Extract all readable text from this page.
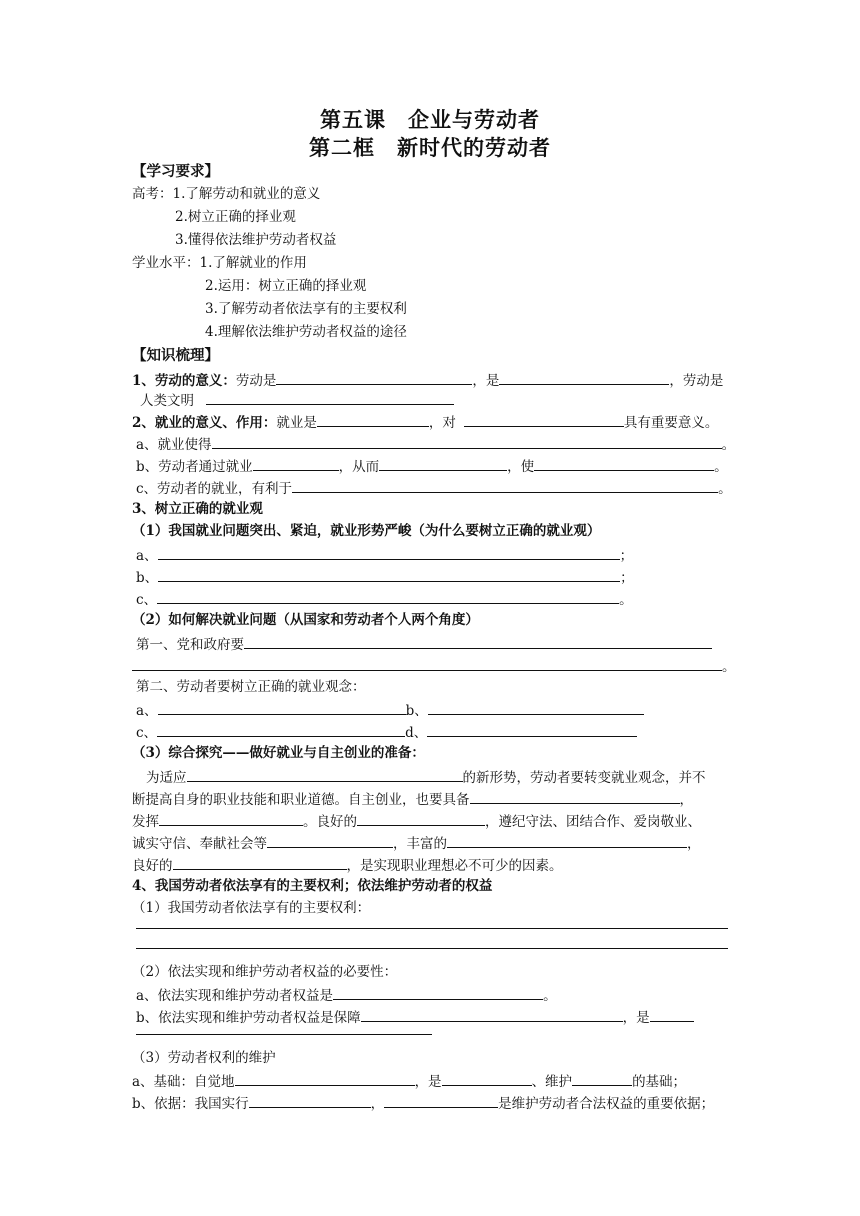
第五课　企业与劳动者
第二框　新时代的劳动者
【学习要求】
高考：1.了解劳动和就业的意义
2.树立正确的择业观
3.懂得依法维护劳动者权益
学业水平：1.了解就业的作用
2.运用：树立正确的择业观
3.了解劳动者依法享有的主要权利
4.理解依法维护劳动者权益的途径
【知识梳理】
1、劳动的意义：劳动是	，是	，劳动是
人类文明
2、就业的意义、作用：就业是	，对	具有重要意义。
a、就业使得	。
b、劳动者通过就业	，从而	，使	。
c、劳动者的就业，有利于	。
3、树立正确的就业观
（1）我国就业问题突出、紧迫，就业形势严峻（为什么要树立正确的就业观）
a、	；
b、	；
c、	。
（2）如何解决就业问题（从国家和劳动者个人两个角度）
第一、党和政府要
。
第二、劳动者要树立正确的就业观念：
a、	b、
c、	d、
（3）综合探究——做好就业与自主创业的准备：
为适应	的新形势，劳动者要转变就业观念，并不
断提高自身的职业技能和职业道德。自主创业，也要具备	，
发挥	。良好的	，遵纪守法、团结合作、爱岗敬业、
诚实守信、奉献社会等	，丰富的	，
良好的	，是实现职业理想必不可少的因素。
4、我国劳动者依法享有的主要权利；依法维护劳动者的权益
（1）我国劳动者依法享有的主要权利：
（2）依法实现和维护劳动者权益的必要性：
a、依法实现和维护劳动者权益是	。
b、依法实现和维护劳动者权益是保障	，是
（3）劳动者权利的维护
a、基础：自觉地	，是	、维护	的基础；
b、依据：我国实行	，	是维护劳动者合法权益的重要依据；
